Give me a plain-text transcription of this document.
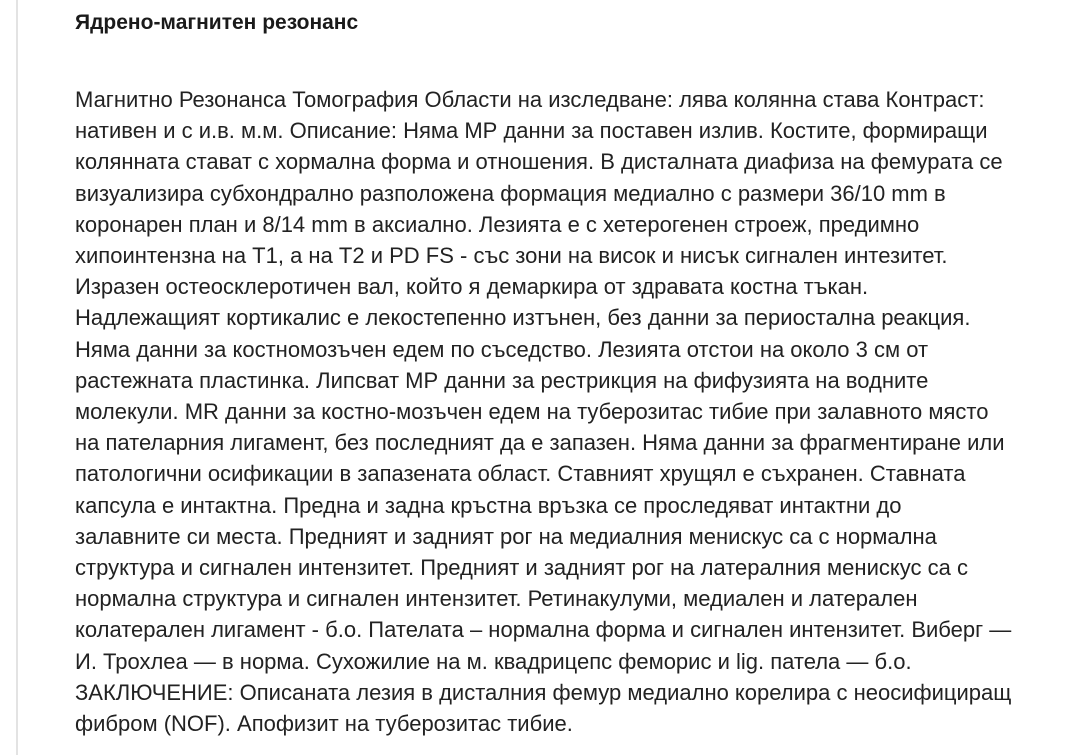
Ядрено-магнитен резонанс
Магнитно Резонанса Томография Области на изследване: лява колянна става Контраст:
нативен и с и.в. м.м. Описание: Няма МР данни за поставен излив. Костите, формиращи
колянната стават с хормална форма и отношения. В дисталната диафиза на фемурата се
визуализира субхондрално разположена формация медиално с размери 36/10 mm в
коронарен план и 8/14 mm в аксиално. Лезията е с хетерогенен строеж, предимно
хипоинтензна на Т1, а на Т2 и PD FS - със зони на висок и нисък сигнален интезитет.
Изразен остеосклеротичен вал, който я демаркира от здравата костна тъкан.
Надлежащият кортикалис е лекостепенно изтънен, без данни за периостална реакция.
Няма данни за костномозъчен едем по съседство. Лезията отстои на около 3 см от
растежната пластинка. Липсват МР данни за рестрикция на фифузията на водните
молекули. MR данни за костно-мозъчен едем на туберозитас тибие при залавното място
на пателарния лигамент, без последният да е запазен. Няма данни за фрагментиране или
патологични осификации в запазената област. Ставният хрущял е съхранен. Ставната
капсула е интактна. Предна и задна кръстна връзка се проследяват интактни до
залавните си места. Предният и задният рог на медиалния менискус са с нормална
структура и сигнален интензитет. Предният и задният рог на латералния менискус са с
нормална структура и сигнален интензитет. Ретинакулуми, медиален и латерален
колатерален лигамент - б.о. Пателата – нормална форма и сигнален интензитет. Виберг —
И. Трохлеа — в норма. Сухожилие на м. квадрицепс феморис и lig. патела — б.о.
ЗАКЛЮЧЕНИЕ: Описаната лезия в дисталния фемур медиално корелира с неосифициращ
фибром (NOF). Апофизит на туберозитас тибие.
